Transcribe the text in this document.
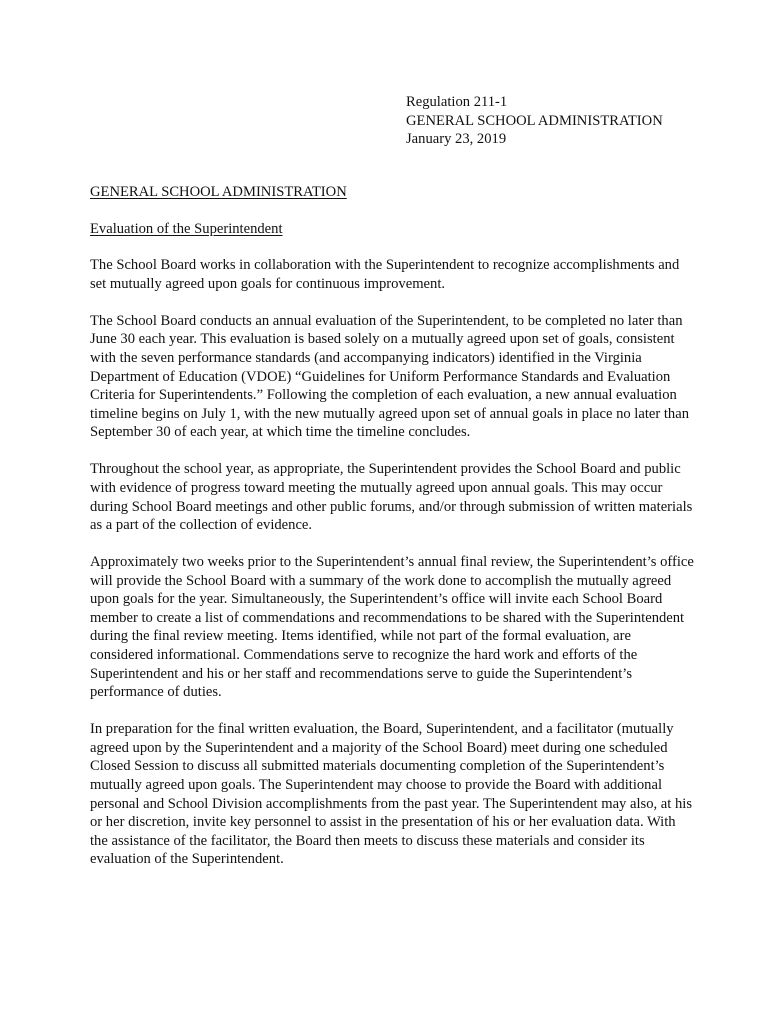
Regulation 211-1
GENERAL SCHOOL ADMINISTRATION
January 23, 2019
GENERAL SCHOOL ADMINISTRATION
Evaluation of the Superintendent

The School Board works in collaboration with the Superintendent to recognize accomplishments and set mutually agreed upon goals for continuous improvement.

The School Board conducts an annual evaluation of the Superintendent, to be completed no later than June 30 each year. This evaluation is based solely on a mutually agreed upon set of goals, consistent with the seven performance standards (and accompanying indicators) identified in the Virginia Department of Education (VDOE) “Guidelines for Uniform Performance Standards and Evaluation Criteria for Superintendents.” Following the completion of each evaluation, a new annual evaluation timeline begins on July 1, with the new mutually agreed upon set of annual goals in place no later than September 30 of each year, at which time the timeline concludes.

Throughout the school year, as appropriate, the Superintendent provides the School Board and public with evidence of progress toward meeting the mutually agreed upon annual goals. This may occur during School Board meetings and other public forums, and/or through submission of written materials as a part of the collection of evidence.

Approximately two weeks prior to the Superintendent’s annual final review, the Superintendent’s office will provide the School Board with a summary of the work done to accomplish the mutually agreed upon goals for the year. Simultaneously, the Superintendent’s office will invite each School Board member to create a list of commendations and recommendations to be shared with the Superintendent during the final review meeting. Items identified, while not part of the formal evaluation, are considered informational. Commendations serve to recognize the hard work and efforts of the Superintendent and his or her staff and recommendations serve to guide the Superintendent’s performance of duties.

In preparation for the final written evaluation, the Board, Superintendent, and a facilitator (mutually agreed upon by the Superintendent and a majority of the School Board) meet during one scheduled Closed Session to discuss all submitted materials documenting completion of the Superintendent’s mutually agreed upon goals. The Superintendent may choose to provide the Board with additional personal and School Division accomplishments from the past year. The Superintendent may also, at his or her discretion, invite key personnel to assist in the presentation of his or her evaluation data. With the assistance of the facilitator, the Board then meets to discuss these materials and consider its evaluation of the Superintendent.
